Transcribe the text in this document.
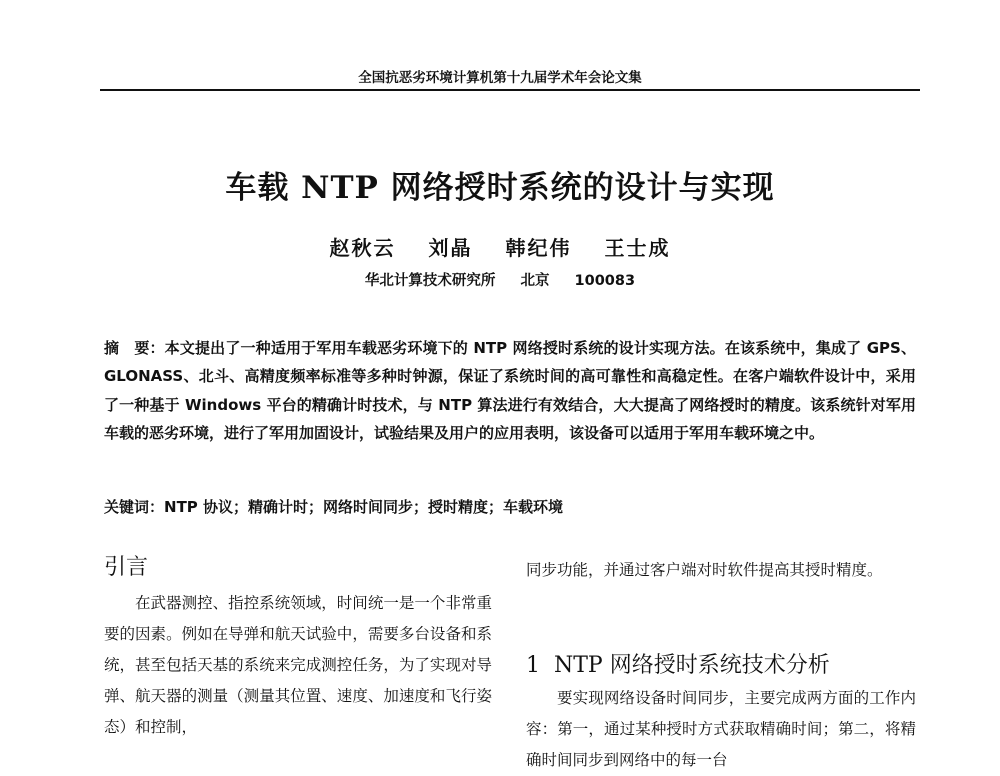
全国抗恶劣环境计算机第十九届学术年会论文集
车载 NTP 网络授时系统的设计与实现
赵秋云 刘晶 韩纪伟 王士成
华北计算技术研究所 北京 100083
摘　要：本文提出了一种适用于军用车载恶劣环境下的 NTP 网络授时系统的设计实现方法。在该系统中，集成了 GPS、GLONASS、北斗、高精度频率标准等多种时钟源，保证了系统时间的高可靠性和高稳定性。在客户端软件设计中，采用了一种基于 Windows 平台的精确计时技术，与 NTP 算法进行有效结合，大大提高了网络授时的精度。该系统针对军用车载的恶劣环境，进行了军用加固设计，试验结果及用户的应用表明，该设备可以适用于军用车载环境之中。
关键词：NTP 协议；精确计时；网络时间同步；授时精度；车载环境
引言
在武器测控、指控系统领域，时间统一是一个非常重要的因素。例如在导弹和航天试验中，需要多台设备和系统，甚至包括天基的系统来完成测控任务，为了实现对导弹、航天器的测量（测量其位置、速度、加速度和飞行姿态）和控制，
同步功能，并通过客户端对时软件提高其授时精度。
1 NTP 网络授时系统技术分析
要实现网络设备时间同步，主要完成两方面的工作内容：第一，通过某种授时方式获取精确时间；第二，将精确时间同步到网络中的每一台
